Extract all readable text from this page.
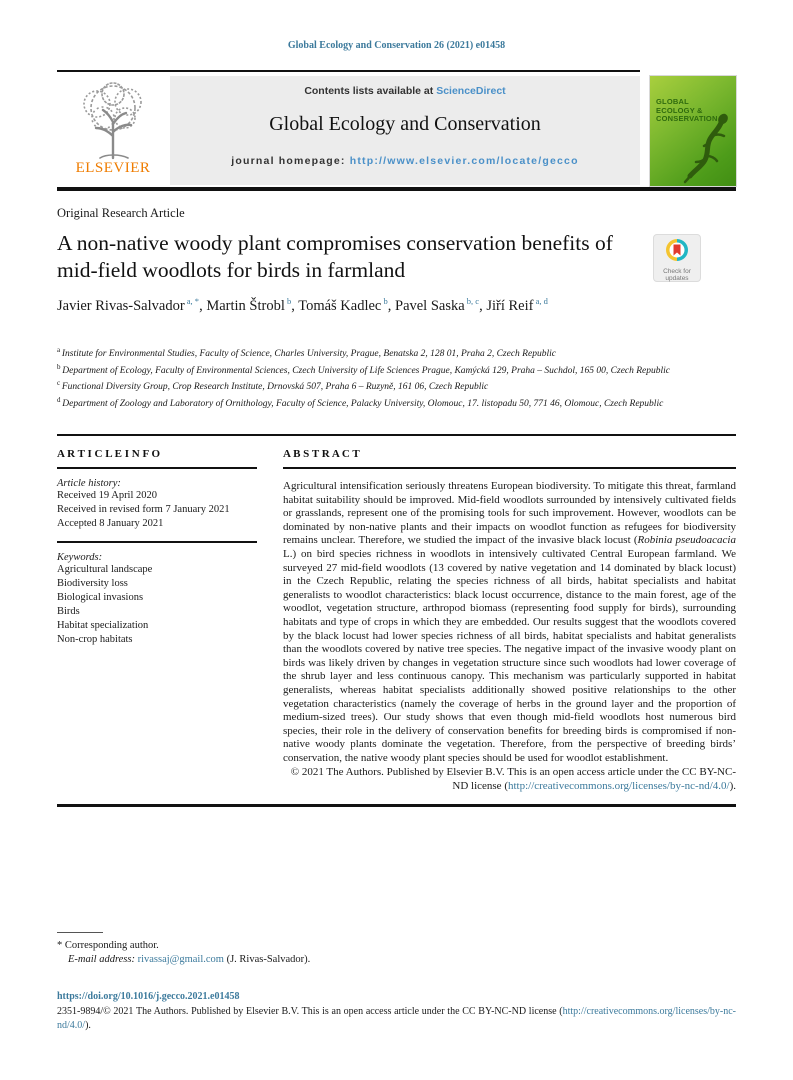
Global Ecology and Conservation 26 (2021) e01458
ELSEVIER
Contents lists available at ScienceDirect
Global Ecology and Conservation
journal homepage: http://www.elsevier.com/locate/gecco
GLOBAL
ECOLOGY &
CONSERVATION
Original Research Article
A non-native woody plant compromises conservation benefits of mid-field woodlots for birds in farmland	Check for
updates
Javier Rivas-Salvador $^{a, *}$, Martin Štrobl $^b$, Tomáš Kadlec $^b$, Pavel Saska $^{b, c}$, Jiří Reif $^{a, d}$
$^a$ Institute for Environmental Studies, Faculty of Science, Charles University, Prague, Benatska 2, 128 01, Praha 2, Czech Republic
$^b$ Department of Ecology, Faculty of Environmental Sciences, Czech University of Life Sciences Prague, Kamýcká 129, Praha – Suchdol, 165 00, Czech Republic
$^c$ Functional Diversity Group, Crop Research Institute, Drnovská 507, Praha 6 – Ruzyně, 161 06, Czech Republic
$^d$ Department of Zoology and Laboratory of Ornithology, Faculty of Science, Palacky University, Olomouc, 17. listopadu 50, 771 46, Olomouc, Czech Republic
A R T I C L E I N F O
Article history:
Received 19 April 2020
Received in revised form 7 January 2021
Accepted 8 January 2021
Keywords:
Agricultural landscape
Biodiversity loss
Biological invasions
Birds
Habitat specialization
Non-crop habitats
A B S T R A C T
Agricultural intensification seriously threatens European biodiversity. To mitigate this threat, farmland habitat suitability should be improved. Mid-field woodlots surrounded by intensively cultivated fields or grasslands, represent one of the promising tools for such improvement. However, woodlots can be dominated by non-native plants and their impacts on woodlot function as refugees for biodiversity remains unclear. Therefore, we studied the impact of the invasive black locust (Robinia pseudoacacia L.) on bird species richness in woodlots in intensively cultivated Central European farmland. We surveyed 27 mid-field woodlots (13 covered by native vegetation and 14 dominated by black locust) in the Czech Republic, relating the species richness of all birds, habitat specialists and habitat generalists to woodlot characteristics: black locust occurrence, distance to the main forest, age of the woodlot, vegetation structure, arthropod biomass (representing food supply for birds), surrounding habitats and type of crops in which they are embedded. Our results suggest that the woodlots covered by the black locust had lower species richness of all birds, habitat specialists and habitat generalists than the woodlots covered by native tree species. The negative impact of the invasive woody plant on birds was likely driven by changes in vegetation structure since such woodlots had lower coverage of the shrub layer and less continuous canopy. This mechanism was particularly supported in habitat generalists, whereas habitat specialists additionally showed positive relationships to the other vegetation characteristics (namely the coverage of herbs in the ground layer and the proportion of medium-sized trees). Our study shows that even though mid-field woodlots host numerous bird species, their role in the delivery of conservation benefits for breeding birds is compromised if non-native woody plants dominate the vegetation. Therefore, from the perspective of breeding birds’ conservation, the native woody plant species should be used for woodlot establishment.
© 2021 The Authors. Published by Elsevier B.V. This is an open access article under the CC BY-NC-ND license (http://creativecommons.org/licenses/by-nc-nd/4.0/).
* Corresponding author.
E-mail address: rivassaj@gmail.com (J. Rivas-Salvador).
https://doi.org/10.1016/j.gecco.2021.e01458
2351-9894/© 2021 The Authors. Published by Elsevier B.V. This is an open access article under the CC BY-NC-ND license (http://creativecommons.org/licenses/by-nc-nd/4.0/).
